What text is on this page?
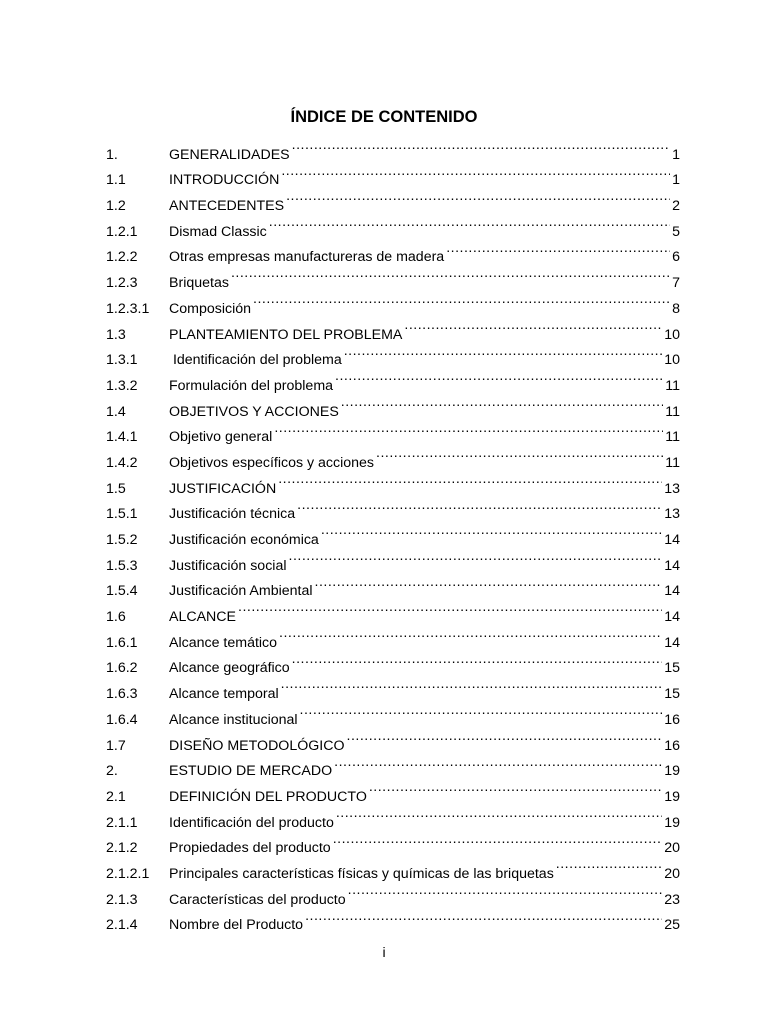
ÍNDICE DE CONTENIDO
1.	GENERALIDADES .....	1
1.1	INTRODUCCIÓN .....	1
1.2	ANTECEDENTES .....	2
1.2.1	Dismad Classic .....	5
1.2.2	Otras empresas manufactureras de madera .....	6
1.2.3	Briquetas .....	7
1.2.3.1	Composición .....	8
1.3	PLANTEAMIENTO DEL PROBLEMA .....	10
1.3.1	Identificación del problema .....	10
1.3.2	Formulación del problema .....	11
1.4	OBJETIVOS Y ACCIONES .....	11
1.4.1	Objetivo general .....	11
1.4.2	Objetivos específicos y acciones .....	11
1.5	JUSTIFICACIÓN .....	13
1.5.1	Justificación técnica .....	13
1.5.2	Justificación económica .....	14
1.5.3	Justificación social .....	14
1.5.4	Justificación Ambiental .....	14
1.6	ALCANCE .....	14
1.6.1	Alcance temático .....	14
1.6.2	Alcance geográfico .....	15
1.6.3	Alcance temporal .....	15
1.6.4	Alcance institucional .....	16
1.7	DISEÑO METODOLÓGICO .....	16
2.	ESTUDIO DE MERCADO .....	19
2.1	DEFINICIÓN DEL PRODUCTO .....	19
2.1.1	Identificación del producto .....	19
2.1.2	Propiedades del producto .....	20
2.1.2.1	Principales características físicas y químicas de las briquetas .....	20
2.1.3	Características del producto .....	23
2.1.4	Nombre del Producto .....	25
i
